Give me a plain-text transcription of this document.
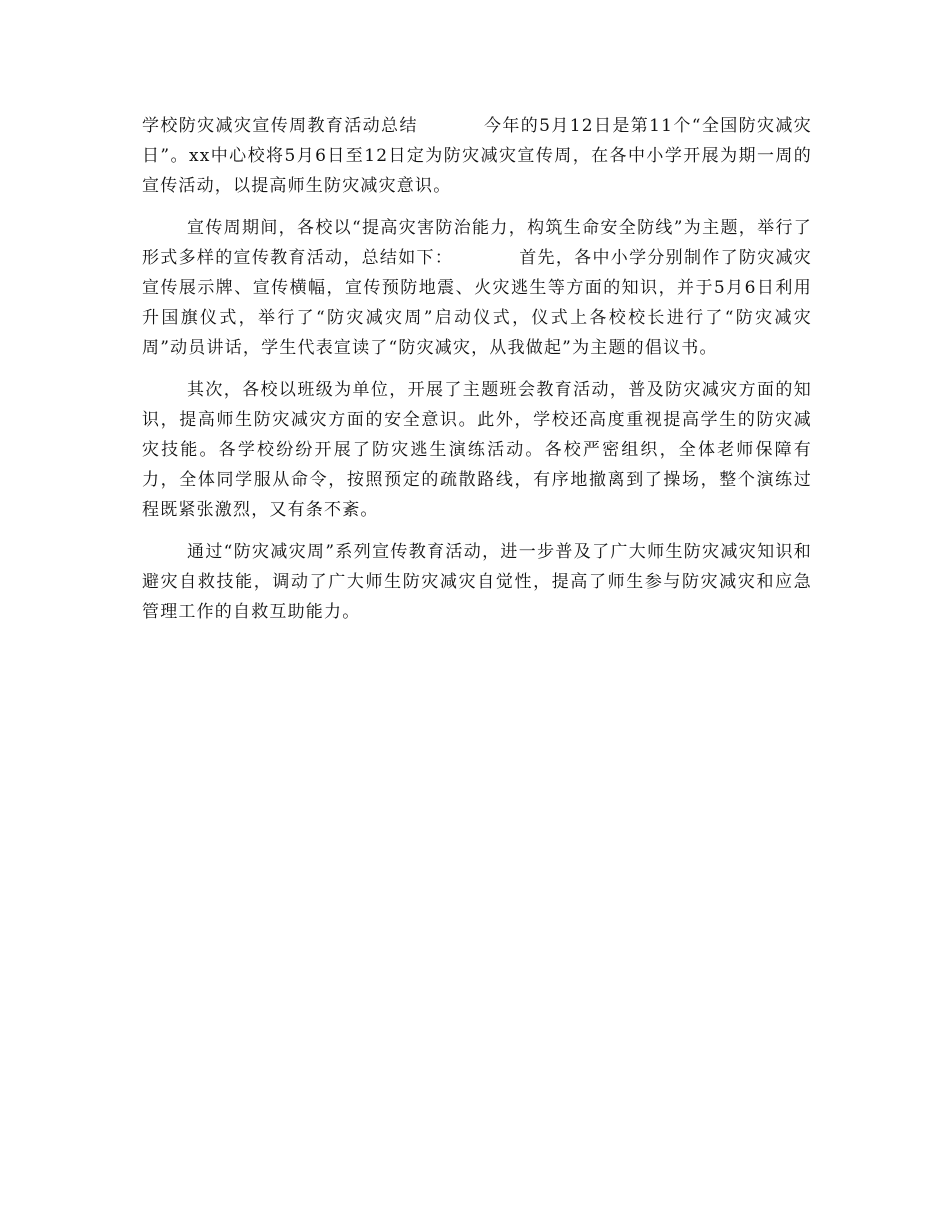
学校防灾减灾宣传周教育活动总结	今年的5月12日是第11个“全国防灾减灾日”。xx中心校将5月6日至12日定为防灾减灾宣传周，在各中小学开展为期一周的宣传活动，以提高师生防灾减灾意识。

宣传周期间，各校以“提高灾害防治能力，构筑生命安全防线”为主题，举行了形式多样的宣传教育活动，总结如下：	首先，各中小学分别制作了防灾减灾宣传展示牌、宣传横幅，宣传预防地震、火灾逃生等方面的知识，并于5月6日利用升国旗仪式，举行了“防灾减灾周”启动仪式，仪式上各校校长进行了“防灾减灾周”动员讲话，学生代表宣读了“防灾减灾，从我做起”为主题的倡议书。

其次，各校以班级为单位，开展了主题班会教育活动，普及防灾减灾方面的知识，提高师生防灾减灾方面的安全意识。此外，学校还高度重视提高学生的防灾减灾技能。各学校纷纷开展了防灾逃生演练活动。各校严密组织，全体老师保障有力，全体同学服从命令，按照预定的疏散路线，有序地撤离到了操场，整个演练过程既紧张激烈，又有条不紊。

通过“防灾减灾周”系列宣传教育活动，进一步普及了广大师生防灾减灾知识和避灾自救技能，调动了广大师生防灾减灾自觉性，提高了师生参与防灾减灾和应急管理工作的自救互助能力。
